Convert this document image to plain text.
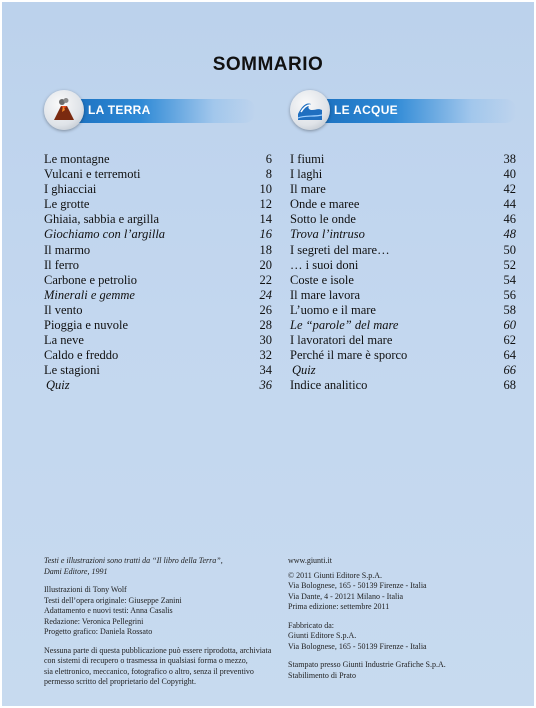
SOMMARIO
LA TERRA	LE ACQUE
Le montagne	6
Vulcani e terremoti	8
I ghiacciai	10
Le grotte	12
Ghiaia, sabbia e argilla	14
Giochiamo con l’argilla	16
Il marmo	18
Il ferro	20
Carbone e petrolio	22
Minerali e gemme	24
Il vento	26
Pioggia e nuvole	28
La neve	30
Caldo e freddo	32
Le stagioni	34
Quiz	36
I fiumi	38
I laghi	40
Il mare	42
Onde e maree	44
Sotto le onde	46
Trova l’intruso	48
I segreti del mare…	50
… i suoi doni	52
Coste e isole	54
Il mare lavora	56
L’uomo e il mare	58
Le “parole” del mare	60
I lavoratori del mare	62
Perché il mare è sporco	64
Quiz	66
Indice analitico	68
Testi e illustrazioni sono tratti da “Il libro della Terra”,
Dami Editore, 1991
Illustrazioni di Tony Wolf
Testi dell’opera originale: Giuseppe Zanini
Adattamento e nuovi testi: Anna Casalis
Redazione: Veronica Pellegrini
Progetto grafico: Daniela Rossato
Nessuna parte di questa pubblicazione può essere riprodotta, archiviata
con sistemi di recupero o trasmessa in qualsiasi forma o mezzo,
sia elettronico, meccanico, fotografico o altro, senza il preventivo
permesso scritto del proprietario del Copyright.
www.giunti.it
© 2011 Giunti Editore S.p.A.
Via Bolognese, 165 - 50139 Firenze - Italia
Via Dante, 4 - 20121 Milano - Italia
Prima edizione: settembre 2011
Fabbricato da:
Giunti Editore S.p.A.
Via Bolognese, 165 - 50139 Firenze - Italia
Stampato presso Giunti Industrie Grafiche S.p.A.
Stabilimento di Prato
